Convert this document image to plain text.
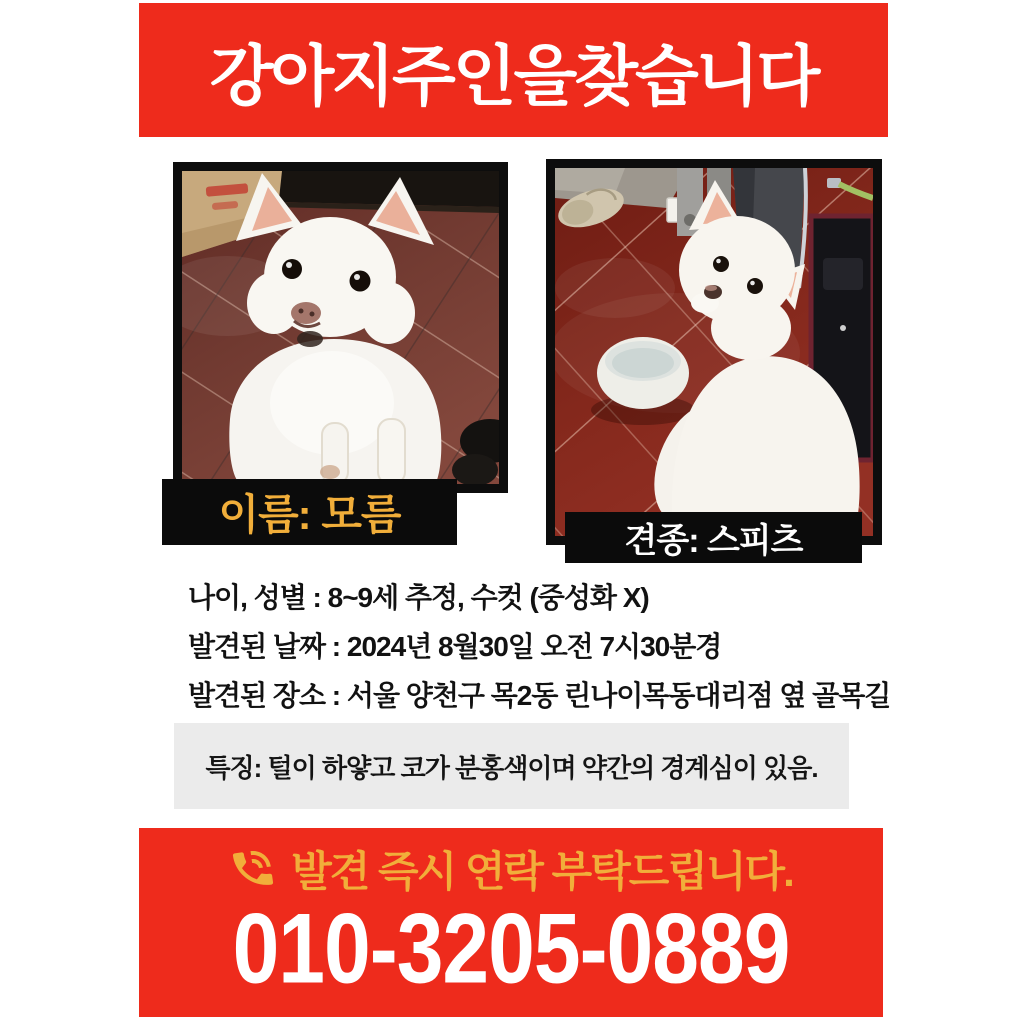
강아지주인을찾습니다
이름: 모름
견종: 스피츠
나이, 성별 : 8~9세 추정, 수컷 (중성화 X)
발견된 날짜 : 2024년 8월30일 오전 7시30분경
발견된 장소 : 서울 양천구 목2동 린나이목동대리점 옆 골목길
특징: 털이 하얗고 코가 분홍색이며 약간의 경계심이 있음.
발견 즉시 연락 부탁드립니다.
010-3205-0889
